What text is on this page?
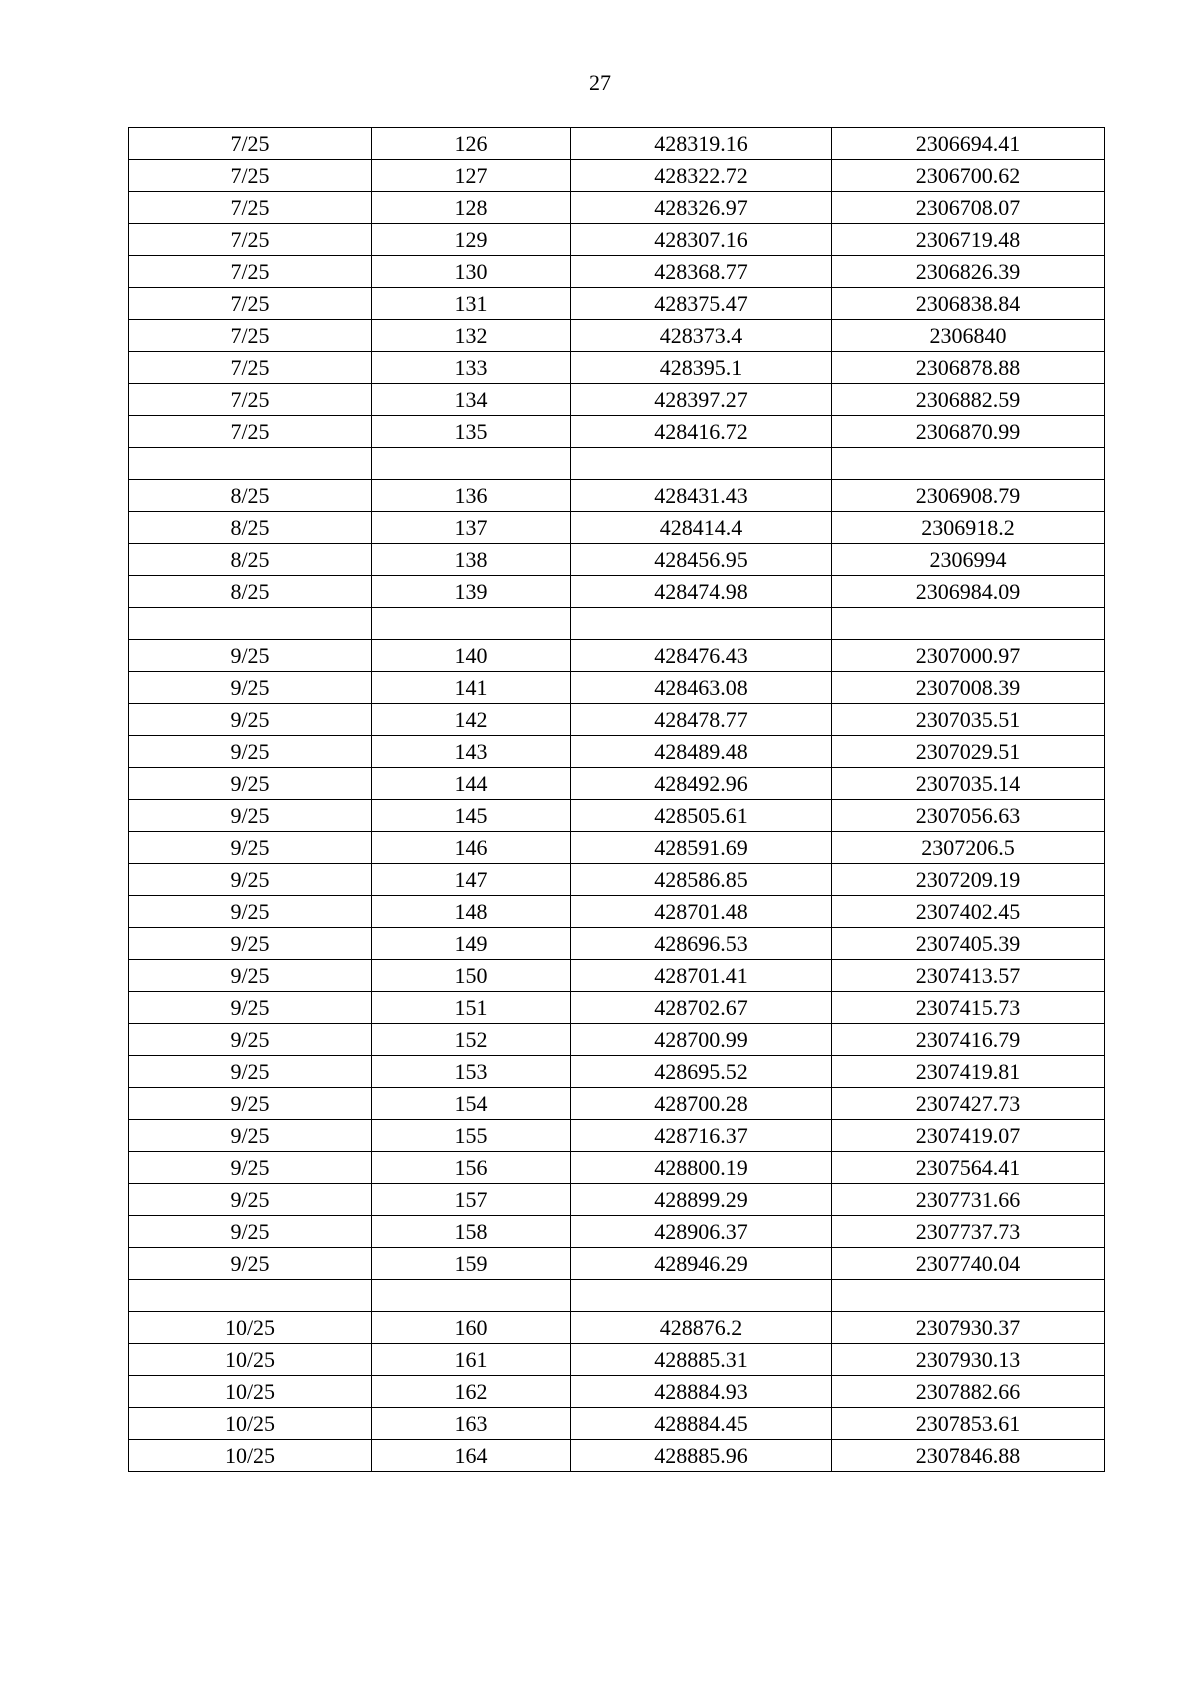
27
7/25	126	428319.16	2306694.41
7/25	127	428322.72	2306700.62
7/25	128	428326.97	2306708.07
7/25	129	428307.16	2306719.48
7/25	130	428368.77	2306826.39
7/25	131	428375.47	2306838.84
7/25	132	428373.4	2306840
7/25	133	428395.1	2306878.88
7/25	134	428397.27	2306882.59
7/25	135	428416.72	2306870.99

8/25	136	428431.43	2306908.79
8/25	137	428414.4	2306918.2
8/25	138	428456.95	2306994
8/25	139	428474.98	2306984.09

9/25	140	428476.43	2307000.97
9/25	141	428463.08	2307008.39
9/25	142	428478.77	2307035.51
9/25	143	428489.48	2307029.51
9/25	144	428492.96	2307035.14
9/25	145	428505.61	2307056.63
9/25	146	428591.69	2307206.5
9/25	147	428586.85	2307209.19
9/25	148	428701.48	2307402.45
9/25	149	428696.53	2307405.39
9/25	150	428701.41	2307413.57
9/25	151	428702.67	2307415.73
9/25	152	428700.99	2307416.79
9/25	153	428695.52	2307419.81
9/25	154	428700.28	2307427.73
9/25	155	428716.37	2307419.07
9/25	156	428800.19	2307564.41
9/25	157	428899.29	2307731.66
9/25	158	428906.37	2307737.73
9/25	159	428946.29	2307740.04

10/25	160	428876.2	2307930.37
10/25	161	428885.31	2307930.13
10/25	162	428884.93	2307882.66
10/25	163	428884.45	2307853.61
10/25	164	428885.96	2307846.88
